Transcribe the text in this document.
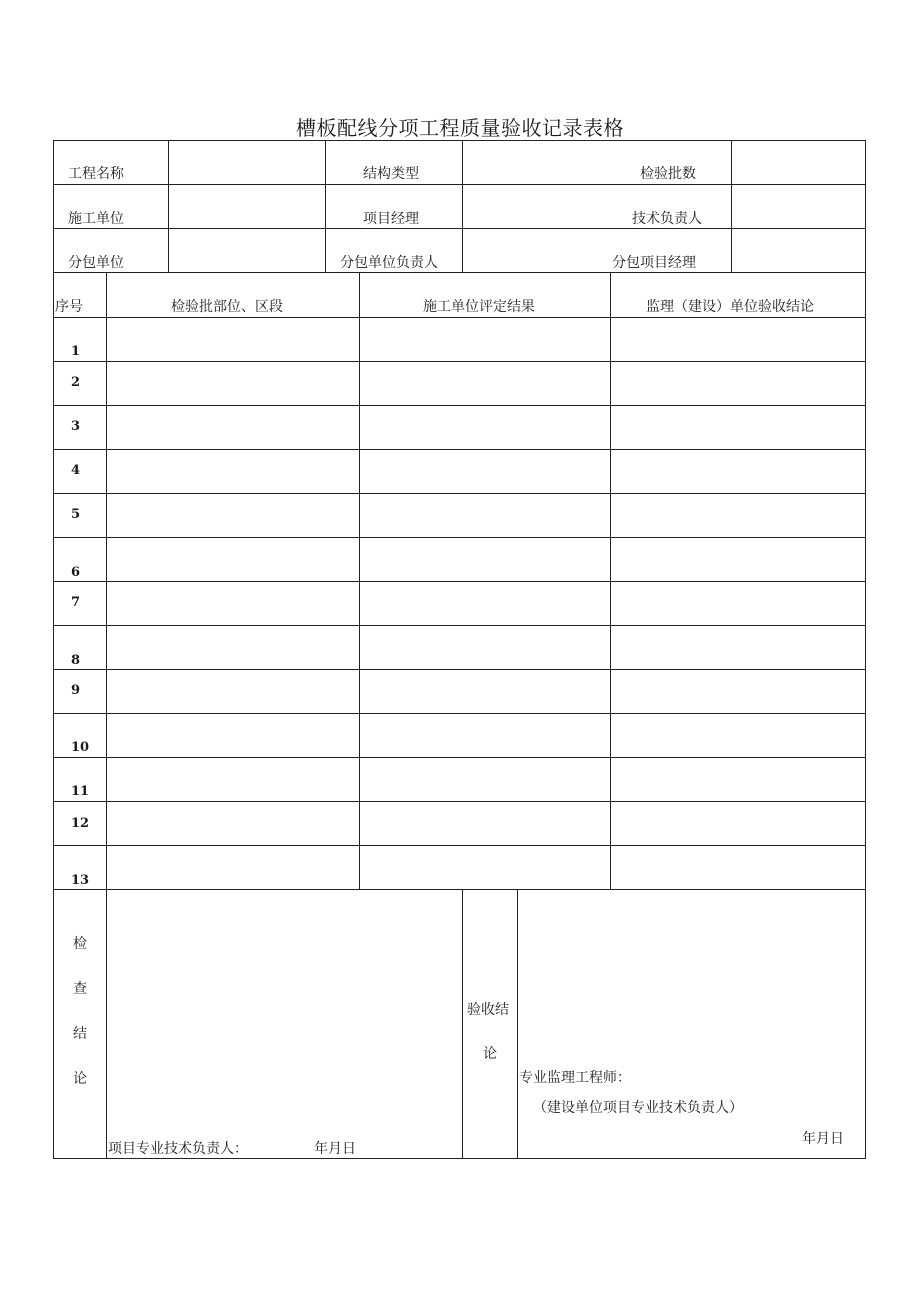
槽板配线分项工程质量验收记录表格
工程名称	结构类型	检验批数
施工单位	项目经理	技术负责人
分包单位	分包单位负责人	分包项目经理
序号	检验批部位、区段	施工单位评定结果	监理（建设）单位验收结论
1
2
3
4
5
6
7
8
9
10
11
12
13
检
查
结
论
项目专业技术负责人：	年月日
验收结
论
专业监理工程师：
（建设单位项目专业技术负责人）
年月日
